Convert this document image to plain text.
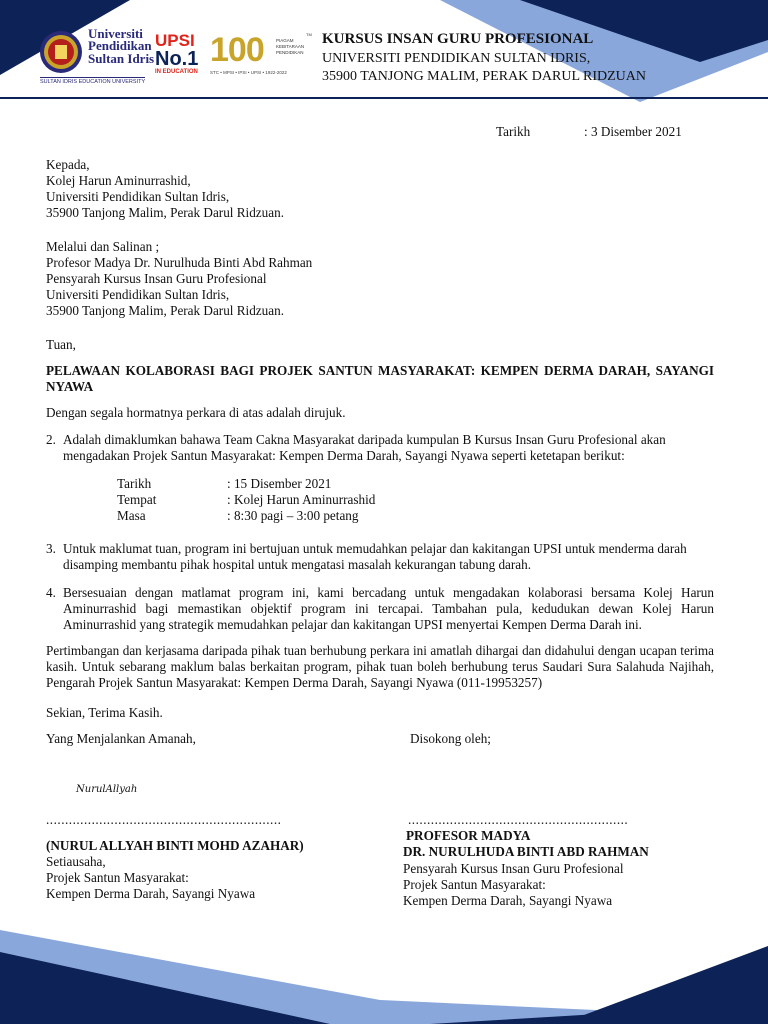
Universiti
Pendidikan
Sultan Idris
SULTAN IDRIS EDUCATION UNIVERSITY
UPSI
No.1
IN EDUCATION
100	PIAGAM
KEBITARAAN
PENDIDIKAN
STC • MPSI • IPSI • UPSI • 1922-2022
TM KURSUS INSAN GURU PROFESIONAL
UNIVERSITI PENDIDIKAN SULTAN IDRIS,
35900 TANJONG MALIM, PERAK DARUL RIDZUAN
Tarikh	: 3 Disember 2021
Kepada,
Kolej Harun Aminurrashid,
Universiti Pendidikan Sultan Idris,
35900 Tanjong Malim, Perak Darul Ridzuan.
Melalui dan Salinan ;
Profesor Madya Dr. Nurulhuda Binti Abd Rahman
Pensyarah Kursus Insan Guru Profesional
Universiti Pendidikan Sultan Idris,
35900 Tanjong Malim, Perak Darul Ridzuan.
Tuan,
PELAWAAN KOLABORASI BAGI PROJEK SANTUN MASYARAKAT: KEMPEN DERMA DARAH, SAYANGI NYAWA
Dengan segala hormatnya perkara di atas adalah dirujuk.
2. Adalah dimaklumkan bahawa Team Cakna Masyarakat daripada kumpulan B Kursus Insan Guru Profesional akan
mengadakan Projek Santun Masyarakat: Kempen Derma Darah, Sayangi Nyawa seperti ketetapan berikut:
Tarikh	: 15 Disember 2021
Tempat	: Kolej Harun Aminurrashid
Masa	: 8:30 pagi – 3:00 petang
3. Untuk maklumat tuan, program ini bertujuan untuk memudahkan pelajar dan kakitangan UPSI untuk menderma darah
disamping membantu pihak hospital untuk mengatasi masalah kekurangan tabung darah.
4. Bersesuaian dengan matlamat program ini, kami bercadang untuk mengadakan kolaborasi bersama Kolej Harun Aminurrashid bagi memastikan objektif program ini tercapai. Tambahan pula, kedudukan dewan Kolej Harun Aminurrashid yang strategik memudahkan pelajar dan kakitangan UPSI menyertai Kempen Derma Darah ini.
Pertimbangan dan kerjasama daripada pihak tuan berhubung perkara ini amatlah dihargai dan didahului dengan ucapan terima kasih. Untuk sebarang maklum balas berkaitan program, pihak tuan boleh berhubung terus Saudari Sura Salahuda Najihah, Pengarah Projek Santun Masyarakat: Kempen Derma Darah, Sayangi Nyawa (011-19953257)
Sekian, Terima Kasih.
Yang Menjalankan Amanah,
NurulAllyah
..............................................................
(NURUL ALLYAH BINTI MOHD AZAHAR)
Setiausaha,
Projek Santun Masyarakat:
Kempen Derma Darah, Sayangi Nyawa
Disokong oleh;
..........................................................
PROFESOR MADYA
DR. NURULHUDA BINTI ABD RAHMAN
Pensyarah Kursus Insan Guru Profesional
Projek Santun Masyarakat:
Kempen Derma Darah, Sayangi Nyawa
